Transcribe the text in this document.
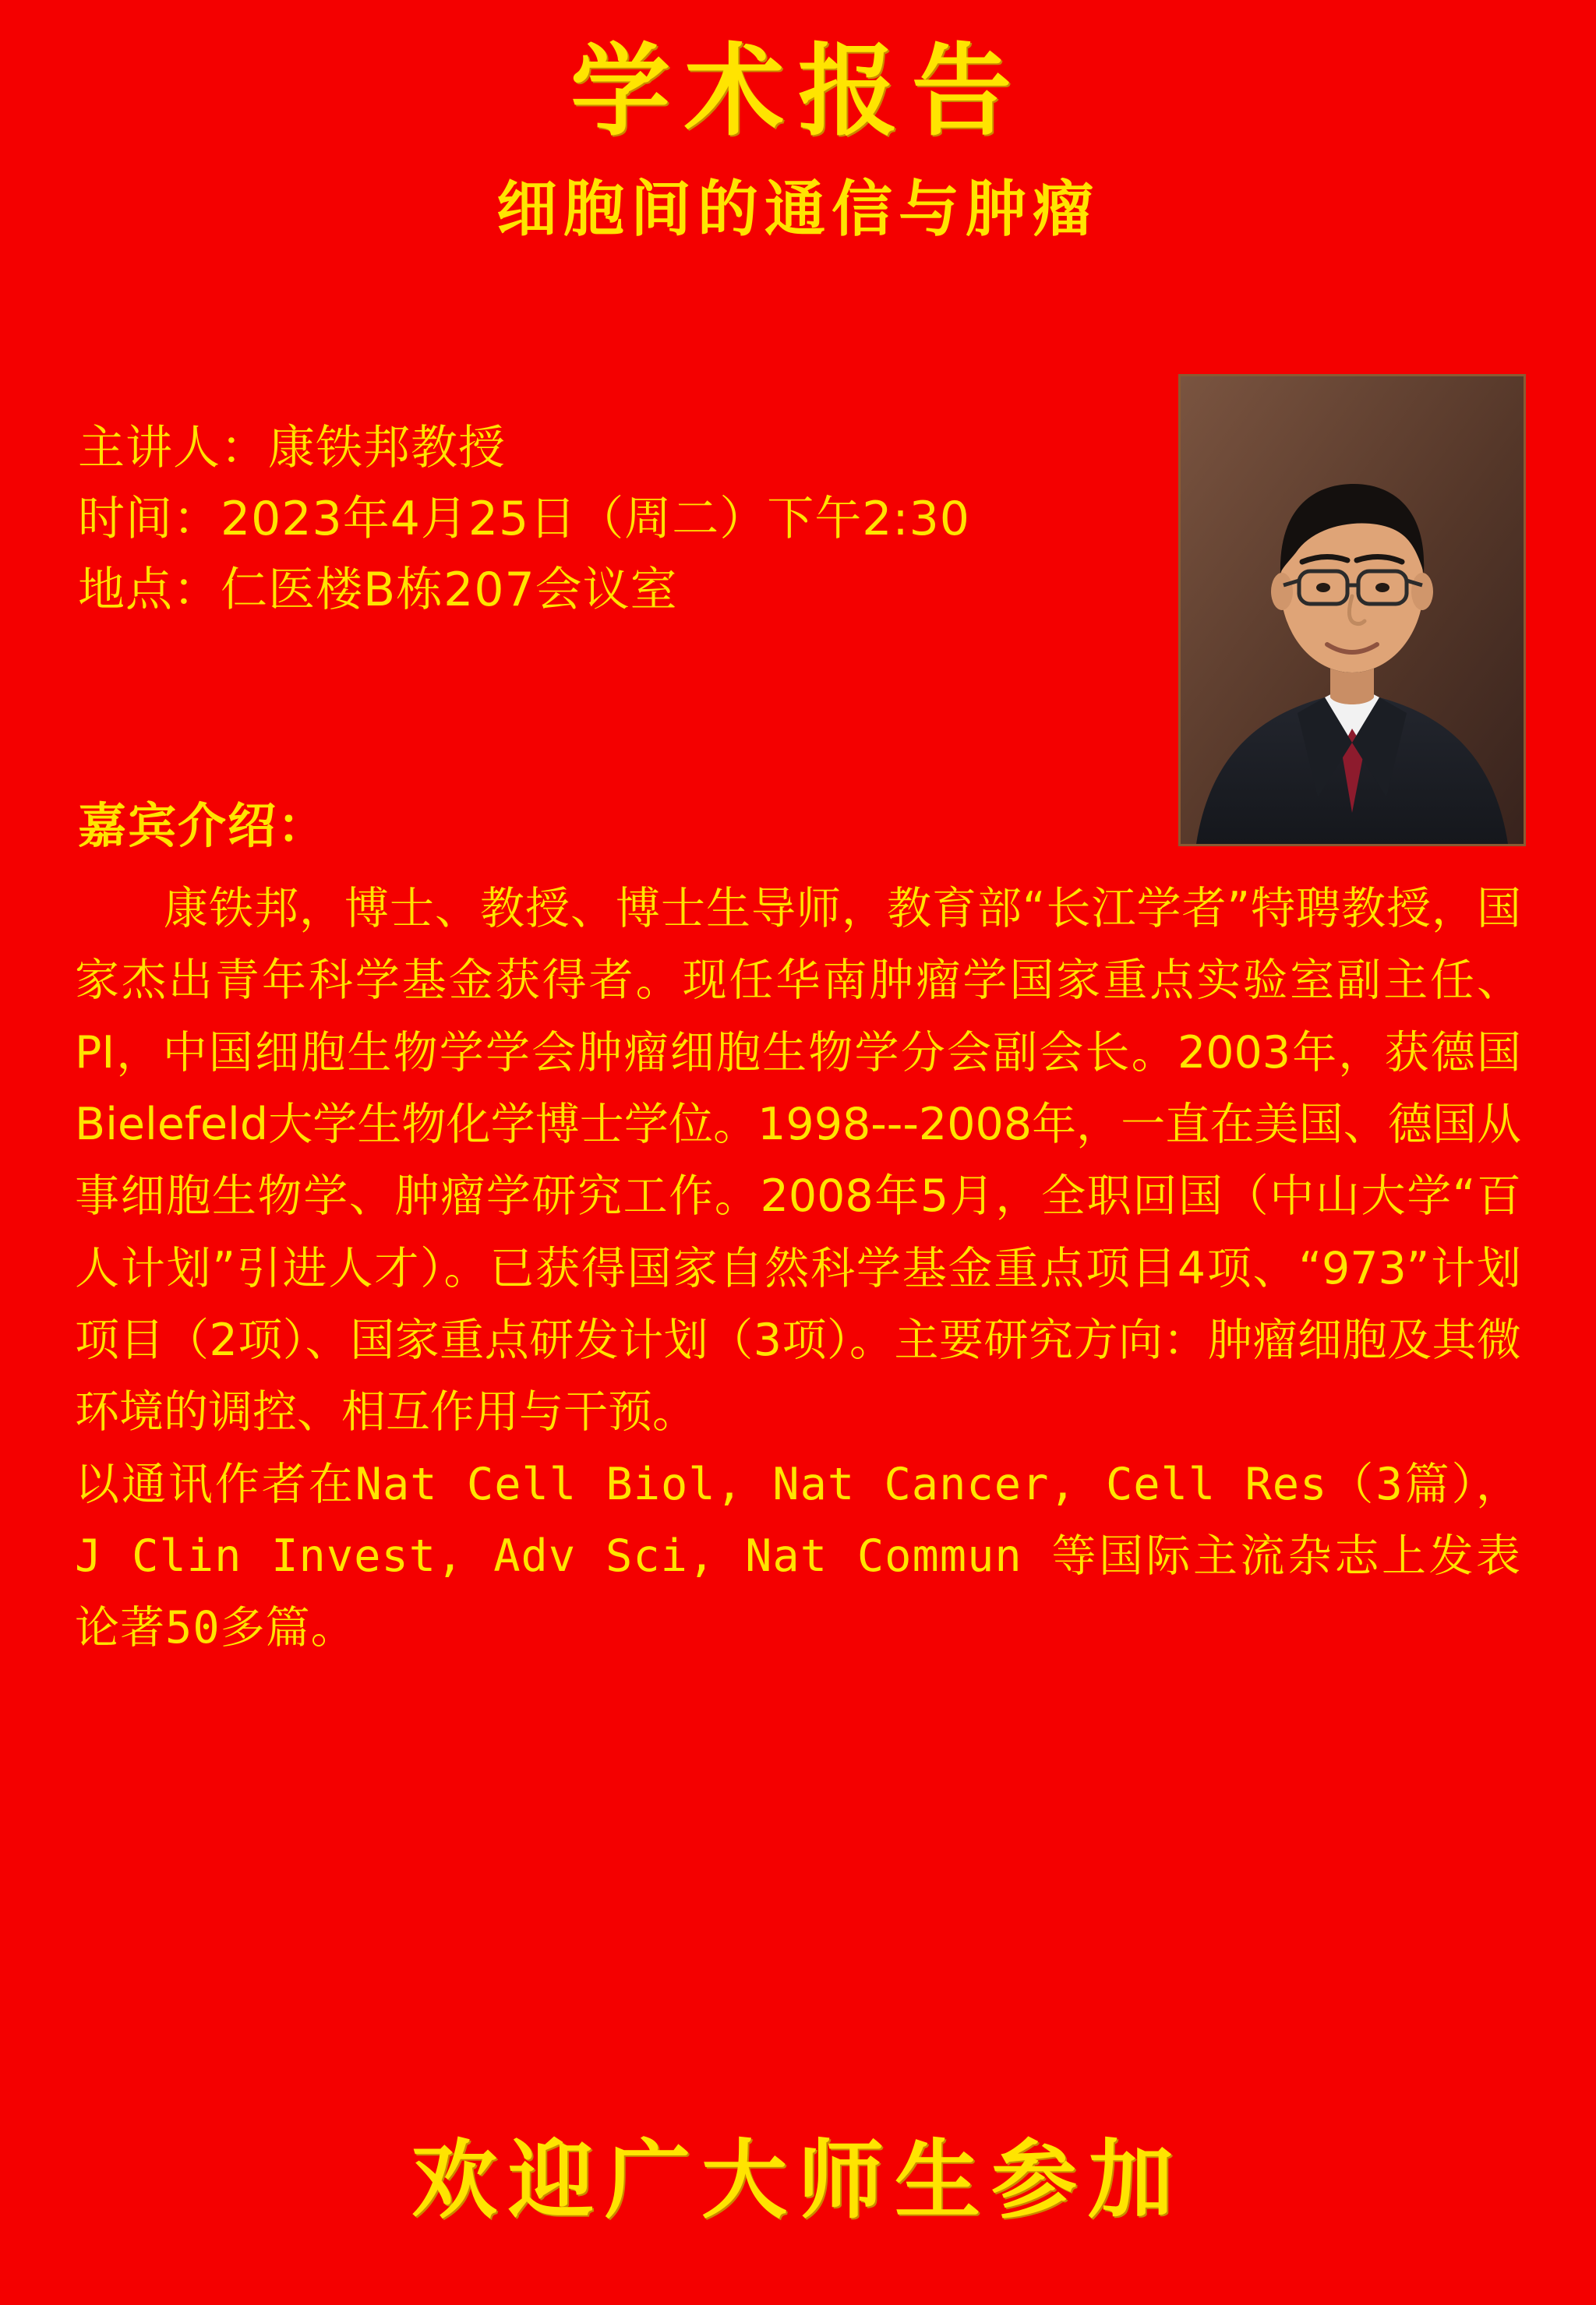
学术报告
细胞间的通信与肿瘤
主讲人：康铁邦教授
时间：2023年4月25日（周二）下午2:30
地点：仁医楼B栋207会议室
嘉宾介绍：

康铁邦，博士、教授、博士生导师，教育部“长江学者”特聘教授，国家杰出青年科学基金获得者。现任华南肿瘤学国家重点实验室副主任、PI，中国细胞生物学学会肿瘤细胞生物学分会副会长。2003年，获德国Bielefeld大学生物化学博士学位。1998---2008年，一直在美国、德国从事细胞生物学、肿瘤学研究工作。2008年5月，全职回国（中山大学“百人计划”引进人才）。已获得国家自然科学基金重点项目4项、“973”计划项目（2项）、国家重点研发计划（3项）。主要研究方向：肿瘤细胞及其微环境的调控、相互作用与干预。

以通讯作者在Nat Cell Biol, Nat Cancer, Cell Res（3篇），J Clin Invest, Adv Sci, Nat Commun 等国际主流杂志上发表论著50多篇。

欢迎广大师生参加
